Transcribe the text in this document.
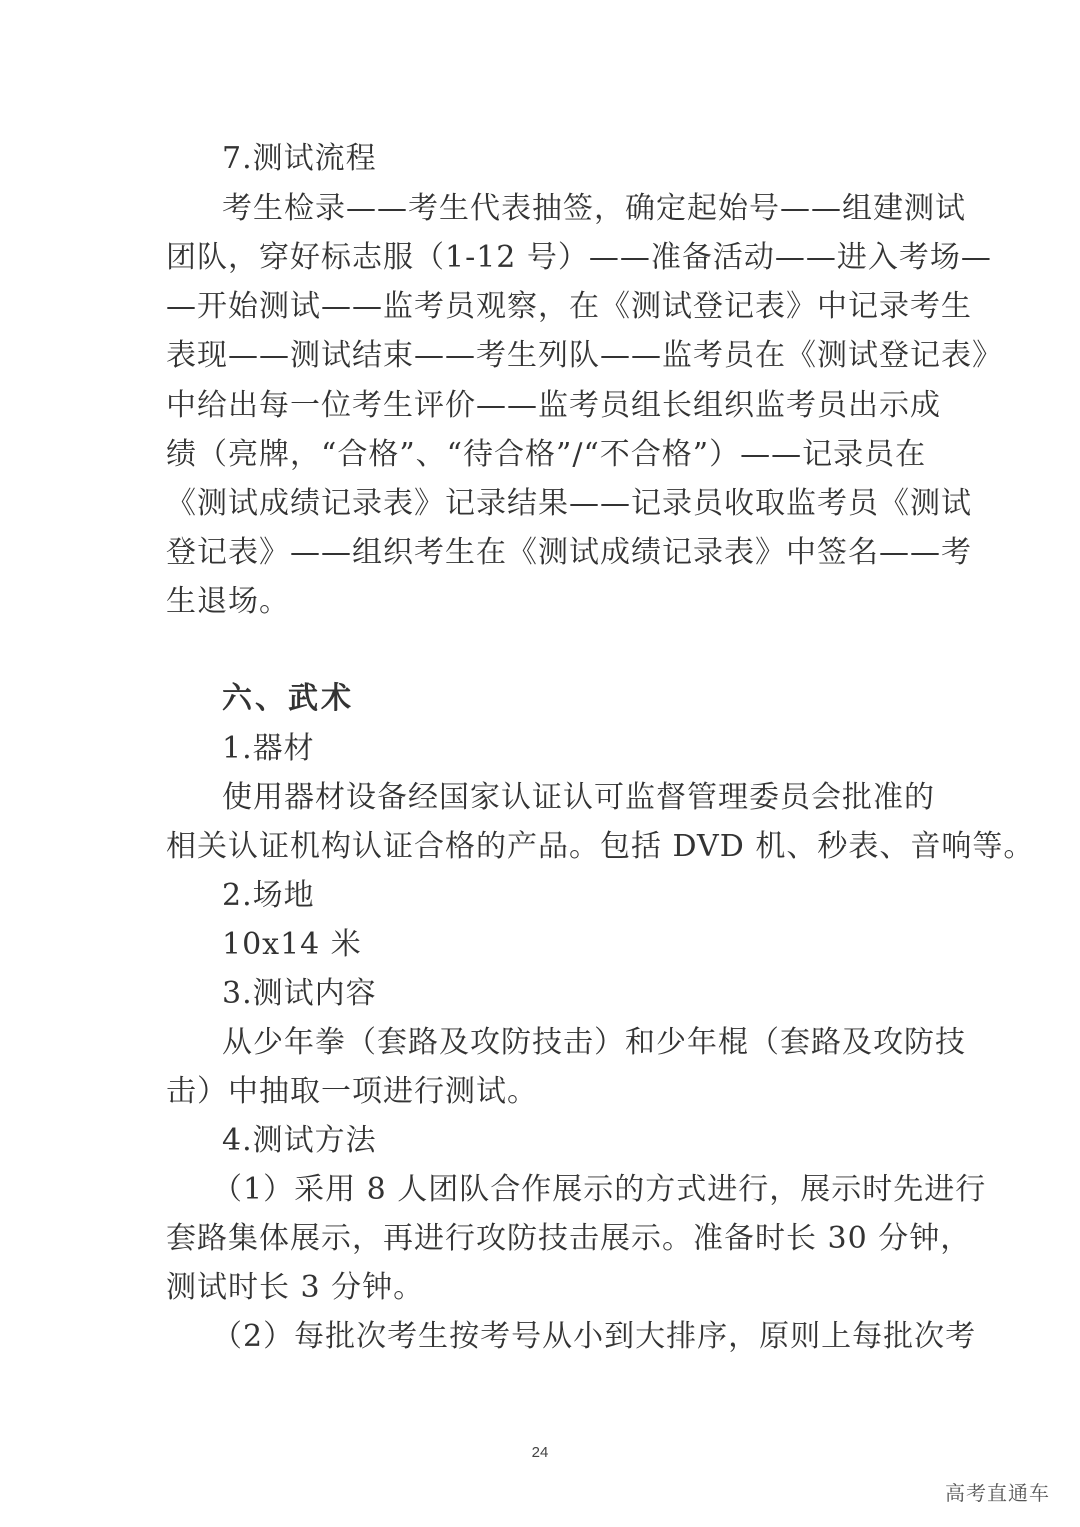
7.测试流程
考生检录——考生代表抽签，确定起始号——组建测试
团队，穿好标志服（1-12 号）——准备活动——进入考场—
—开始测试——监考员观察，在《测试登记表》中记录考生
表现——测试结束——考生列队——监考员在《测试登记表》
中给出每一位考生评价——监考员组长组织监考员出示成
绩（亮牌，“合格”、“待合格”/“不合格”）——记录员在
《测试成绩记录表》记录结果——记录员收取监考员《测试
登记表》——组织考生在《测试成绩记录表》中签名——考
生退场。
六、武术
1.器材
使用器材设备经国家认证认可监督管理委员会批准的
相关认证机构认证合格的产品。包括 DVD 机、秒表、音响等。
2.场地
10x14 米
3.测试内容
从少年拳（套路及攻防技击）和少年棍（套路及攻防技
击）中抽取一项进行测试。
4.测试方法
（1）采用 8 人团队合作展示的方式进行，展示时先进行
套路集体展示，再进行攻防技击展示。准备时长 30 分钟，
测试时长 3 分钟。
（2）每批次考生按考号从小到大排序，原则上每批次考
24
高考直通车
